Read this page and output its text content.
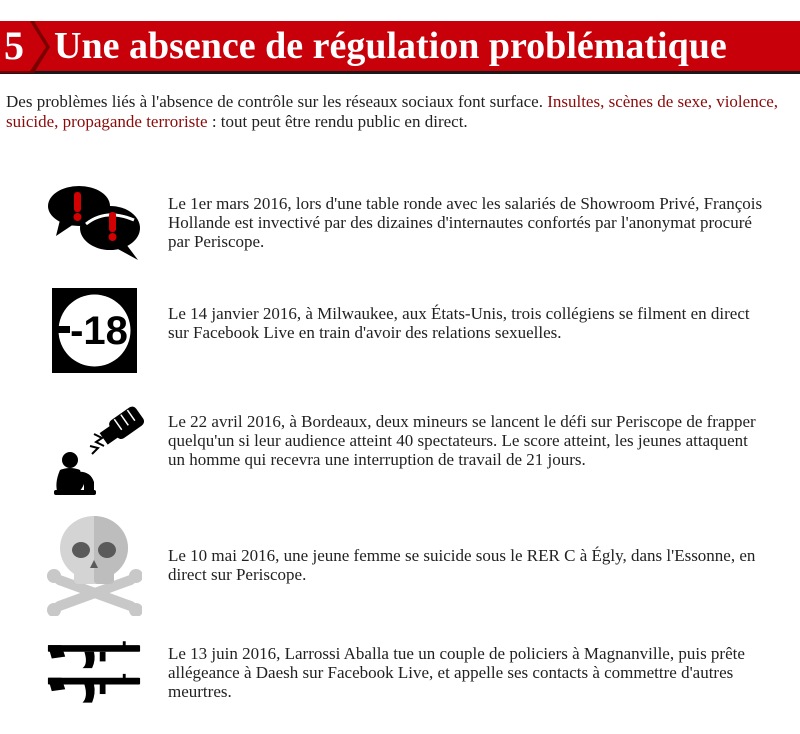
5 Une absence de régulation problématique
Des problèmes liés à l'absence de contrôle sur les réseaux sociaux font surface. Insultes, scènes de sexe, violence, suicide, propagande terroriste : tout peut être rendu public en direct.
Le 1er mars 2016, lors d'une table ronde avec les salariés de Showroom Privé, François Hollande est invectivé par des dizaines d'internautes confortés par l'anonymat procuré par Periscope.
-18 Le 14 janvier 2016, à Milwaukee, aux États-Unis, trois collégiens se filment en direct sur Facebook Live en train d'avoir des relations sexuelles.
Le 22 avril 2016, à Bordeaux, deux mineurs se lancent le défi sur Periscope de frapper quelqu'un si leur audience atteint 40 spectateurs. Le score atteint, les jeunes attaquent un homme qui recevra une interruption de travail de 21 jours.
Le 10 mai 2016, une jeune femme se suicide sous le RER C à Égly, dans l'Essonne, en direct sur Periscope.
Le 13 juin 2016, Larrossi Aballa tue un couple de policiers à Magnanville, puis prête allégeance à Daesh sur Facebook Live, et appelle ses contacts à commettre d'autres meurtres.
